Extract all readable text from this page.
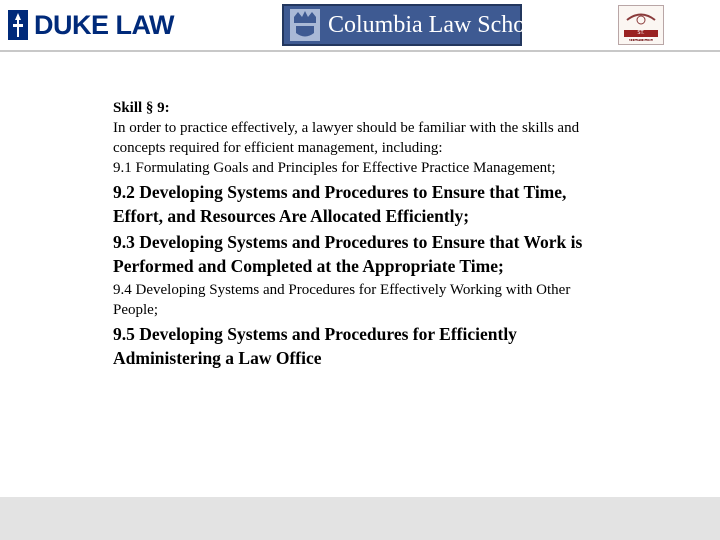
DUKE LAW	Columbia Law School	ST. STEPHENS
Skill § 9:
In order to practice effectively, a lawyer should be familiar with the skills and concepts required for efficient management, including:
9.1 Formulating Goals and Principles for Effective Practice Management;
9.2 Developing Systems and Procedures to Ensure that Time, Effort, and Resources Are Allocated Efficiently;
9.3 Developing Systems and Procedures to Ensure that Work is Performed and Completed at the Appropriate Time;
9.4 Developing Systems and Procedures for Effectively Working with Other People;
9.5 Developing Systems and Procedures for Efficiently Administering a Law Office
